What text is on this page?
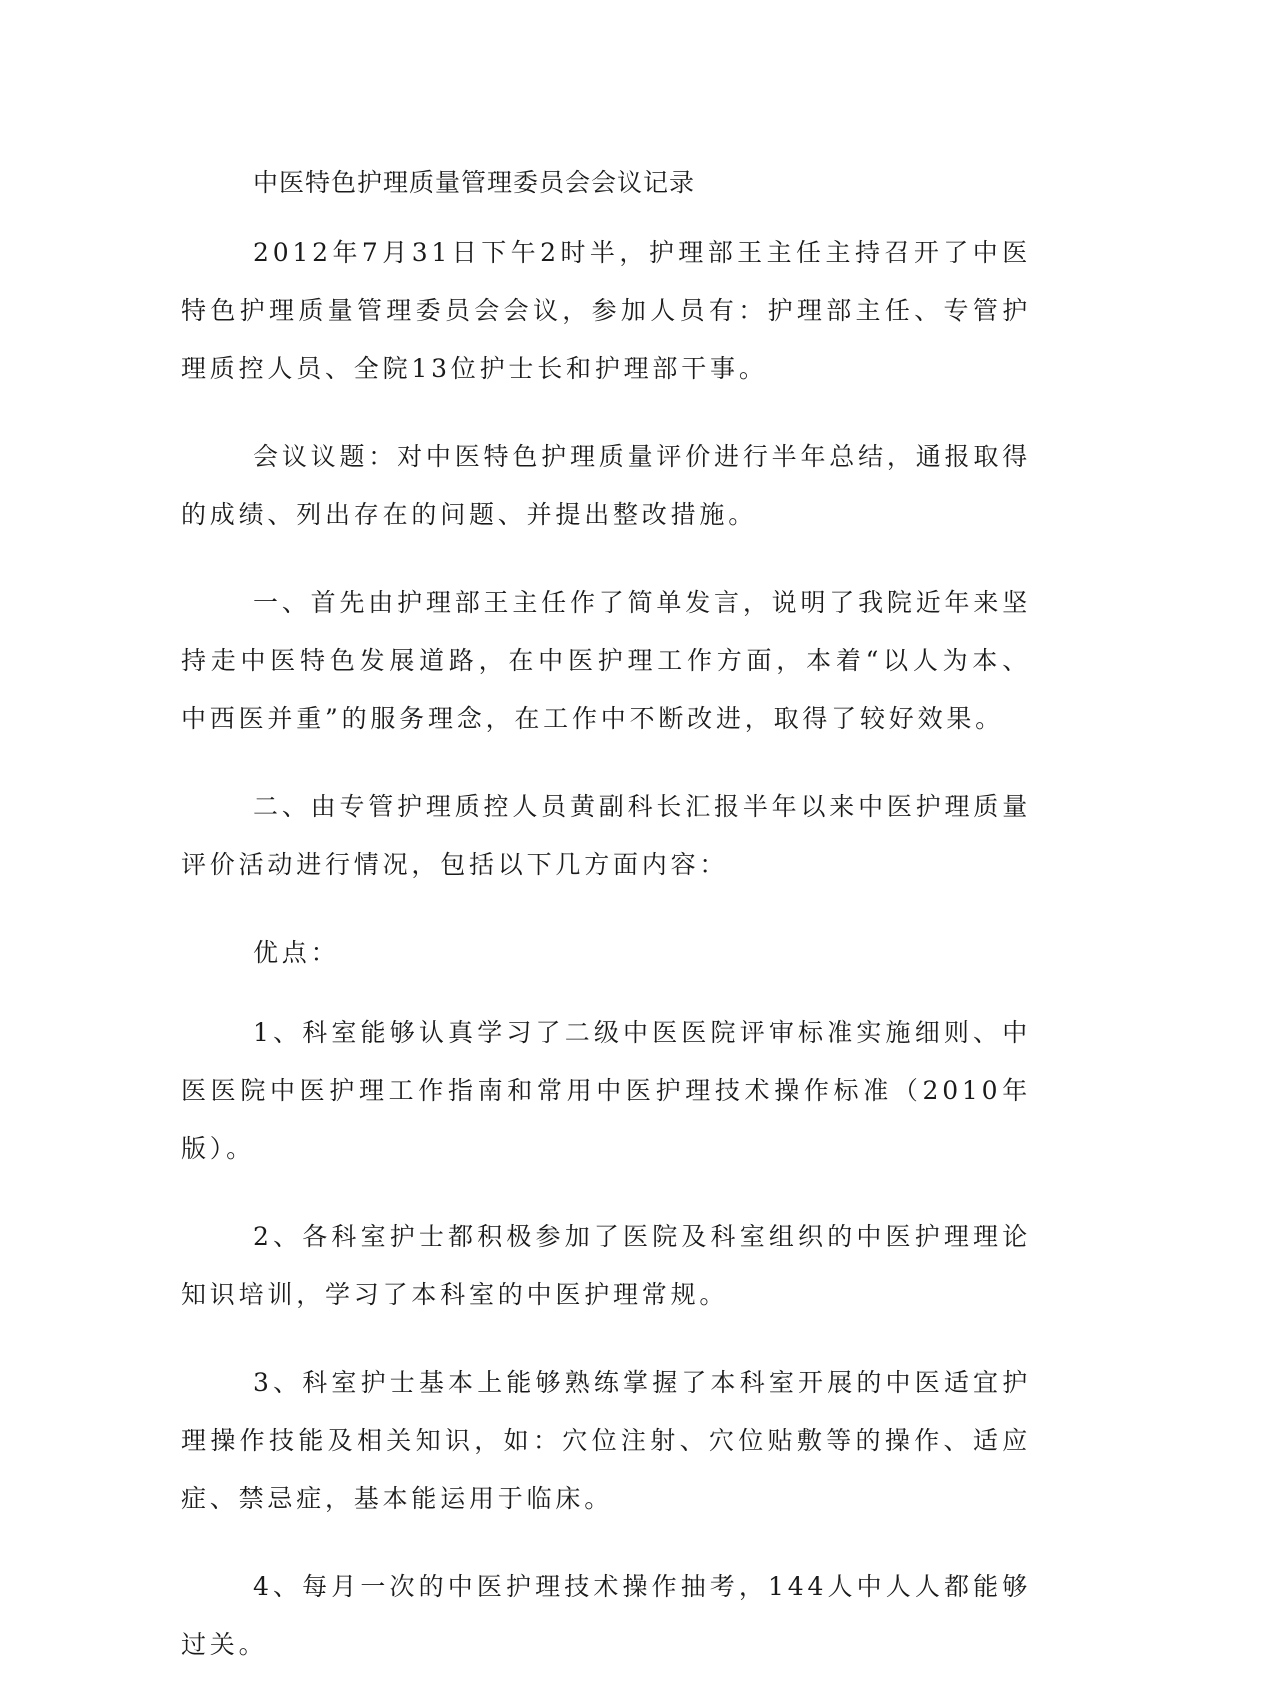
中医特色护理质量管理委员会会议记录

2012年7月31日下午2时半，护理部王主任主持召开了中医特色护理质量管理委员会会议，参加人员有：护理部主任、专管护理质控人员、全院13位护士长和护理部干事。

会议议题：对中医特色护理质量评价进行半年总结，通报取得的成绩、列出存在的问题、并提出整改措施。

一、首先由护理部王主任作了简单发言，说明了我院近年来坚持走中医特色发展道路，在中医护理工作方面，本着“以人为本、中西医并重”的服务理念，在工作中不断改进，取得了较好效果。

二、由专管护理质控人员黄副科长汇报半年以来中医护理质量评价活动进行情况，包括以下几方面内容：

优点：

1、科室能够认真学习了二级中医医院评审标准实施细则、中医医院中医护理工作指南和常用中医护理技术操作标准（2010年版）。

2、各科室护士都积极参加了医院及科室组织的中医护理理论知识培训，学习了本科室的中医护理常规。

3、科室护士基本上能够熟练掌握了本科室开展的中医适宜护理操作技能及相关知识，如：穴位注射、穴位贴敷等的操作、适应症、禁忌症，基本能运用于临床。

4、每月一次的中医护理技术操作抽考，144人中人人都能够过关。
